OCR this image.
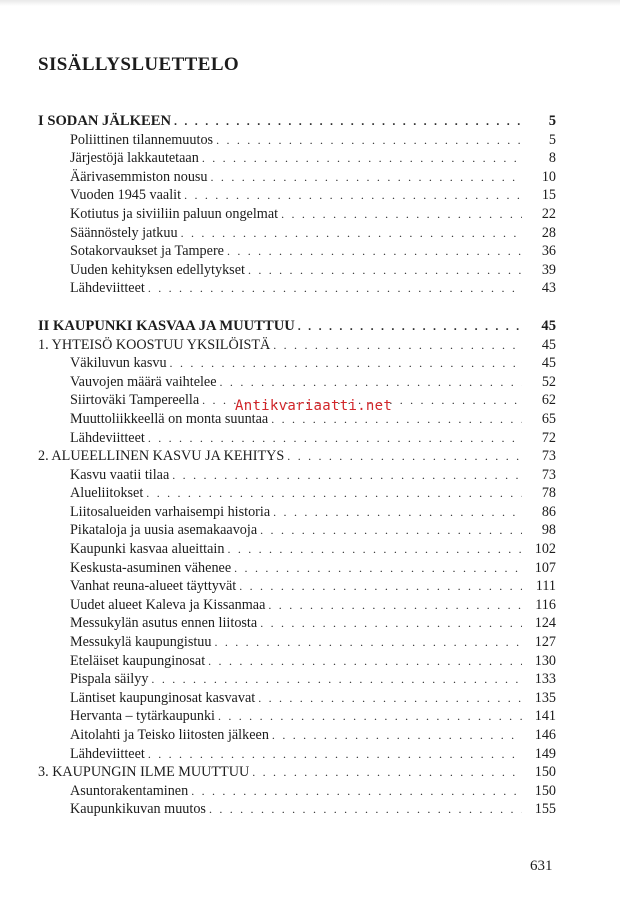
SISÄLLYSLUETTELO
I SODAN JÄLKEEN . . .	5
Poliittinen tilannemuutos . . .	5
Järjestöjä lakkautetaan . . .	8
Äärivasemmiston nousu . . .	10
Vuoden 1945 vaalit . . .	15
Kotiutus ja siviiliin paluun ongelmat . . .	22
Säännöstely jatkuu . . .	28
Sotakorvaukset ja Tampere . . .	36
Uuden kehityksen edellytykset . . .	39
Lähdeviitteet . . .	43
II KAUPUNKI KASVAA JA MUUTTUU . . .	45
1. YHTEISÖ KOOSTUU YKSILÖISTÄ . . .	45
Väkiluvun kasvu . . .	45
Vauvojen määrä vaihtelee . . .	52
Siirtoväki Tampereella . . .	62
Muuttoliikkeellä on monta suuntaa . . .	65
Lähdeviitteet . . .	72
2. ALUEELLINEN KASVU JA KEHITYS . . .	73
Kasvu vaatii tilaa . . .	73
Alueliitokset . . .	78
Liitosalueiden varhaisempi historia . . .	86
Pikataloja ja uusia asemakaavoja . . .	98
Kaupunki kasvaa alueittain . . .	102
Keskusta-asuminen vähenee . . .	107
Vanhat reuna-alueet täyttyvät . . .	111
Uudet alueet Kaleva ja Kissanmaa . . .	116
Messukylän asutus ennen liitosta . . .	124
Messukylä kaupungistuu . . .	127
Eteläiset kaupunginosat . . .	130
Pispala säilyy . . .	133
Läntiset kaupunginosat kasvavat . . .	135
Hervanta – tytärkaupunki . . .	141
Aitolahti ja Teisko liitosten jälkeen . . .	146
Lähdeviitteet . . .	149
3. KAUPUNGIN ILME MUUTTUU . . .	150
Asuntorakentaminen . . .	150
Kaupunkikuvan muutos . . .	155
Antikvariaatti.net
631
